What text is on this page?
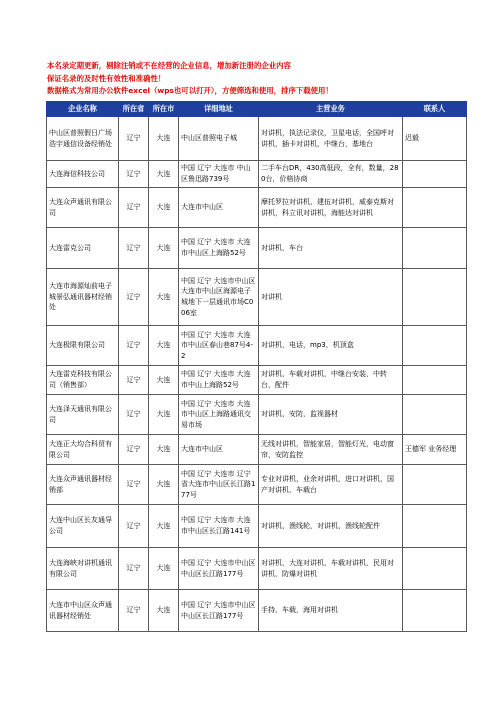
本名录定期更新，剔除注销或不在经营的企业信息，增加新注册的企业内容
保证名录的及时性有效性和准确性！
数据格式为常用办公软件excel（wps也可以打开），方便筛选和使用，排序下载使用！
企业名称	所在省	所在市	详细地址	主营业务	联系人
中山区普照假日广场浩宇通信设备经销处	辽宁	大连	中山区普照电子城	对讲机，执法记录仪，卫星电话，全国呼对讲机，插卡对讲机，中继台，基地台	迟毅
大连海信科技公司	辽宁	大连	中国 辽宁 大连市 中山区鲁迅路739号	二手车台DR，430高低段，全有，数量，280台，价格协商	
大连众声通讯有限公司	辽宁	大连	大连市中山区	摩托罗拉对讲机，建伍对讲机，威泰克斯对讲机，科立讯对讲机，海能达对讲机	
大连雷克公司	辽宁	大连	中国 辽宁 大连市 大连市中山区上海路52号	对讲机，车台	
大连市海源灿前电子城景弘通讯器材经销处	辽宁	大连	中国 辽宁 大连市中山区 大连市中山区海源电子城地下一层通讯市场C006室	对讲机	
大连极限有限公司	辽宁	大连	中国 辽宁 大连市 大连市中山区春山巷87号4-2	对讲机，电话，mp3，机顶盒	
大连雷克科技有限公司（销售部）	辽宁	大连	中国 辽宁 大连市 大连市中山上海路52号	对讲机，车载对讲机，中继台安装，中转台，配件	
大连泽天通讯有限公司	辽宁	大连	中国 辽宁 大连市 大连市中山区上海路通讯交易市场	对讲机，安防，监视器材	
大连正大均合科贸有限公司	辽宁	大连	大连市中山区	无线对讲机，智能家居，智能灯光，电动窗帘，安防监控	王德军 业务经理
大连众声通讯器材经销部	辽宁	大连	中国 辽宁 大连市 辽宁省大连市中山区长江路177号	专业对讲机，业余对讲机，进口对讲机，国产对讲机，车载台	
大连中山区长友通导公司	辽宁	大连	中国 辽宁 大连市 大连市中山区长江路141号	对讲机，渔线轮，对讲机，渔线轮配件	
大连海峡对讲机通讯有限公司	辽宁	大连	中国 辽宁 大连市中山区 中山区长江路177号	对讲机，大连对讲机，车载对讲机，民用对讲机，防爆对讲机	
大连市中山区众声通讯器材经销处	辽宁	大连	中国 辽宁 大连市中山区 中山区长江路177号	手持，车载，海用对讲机	
